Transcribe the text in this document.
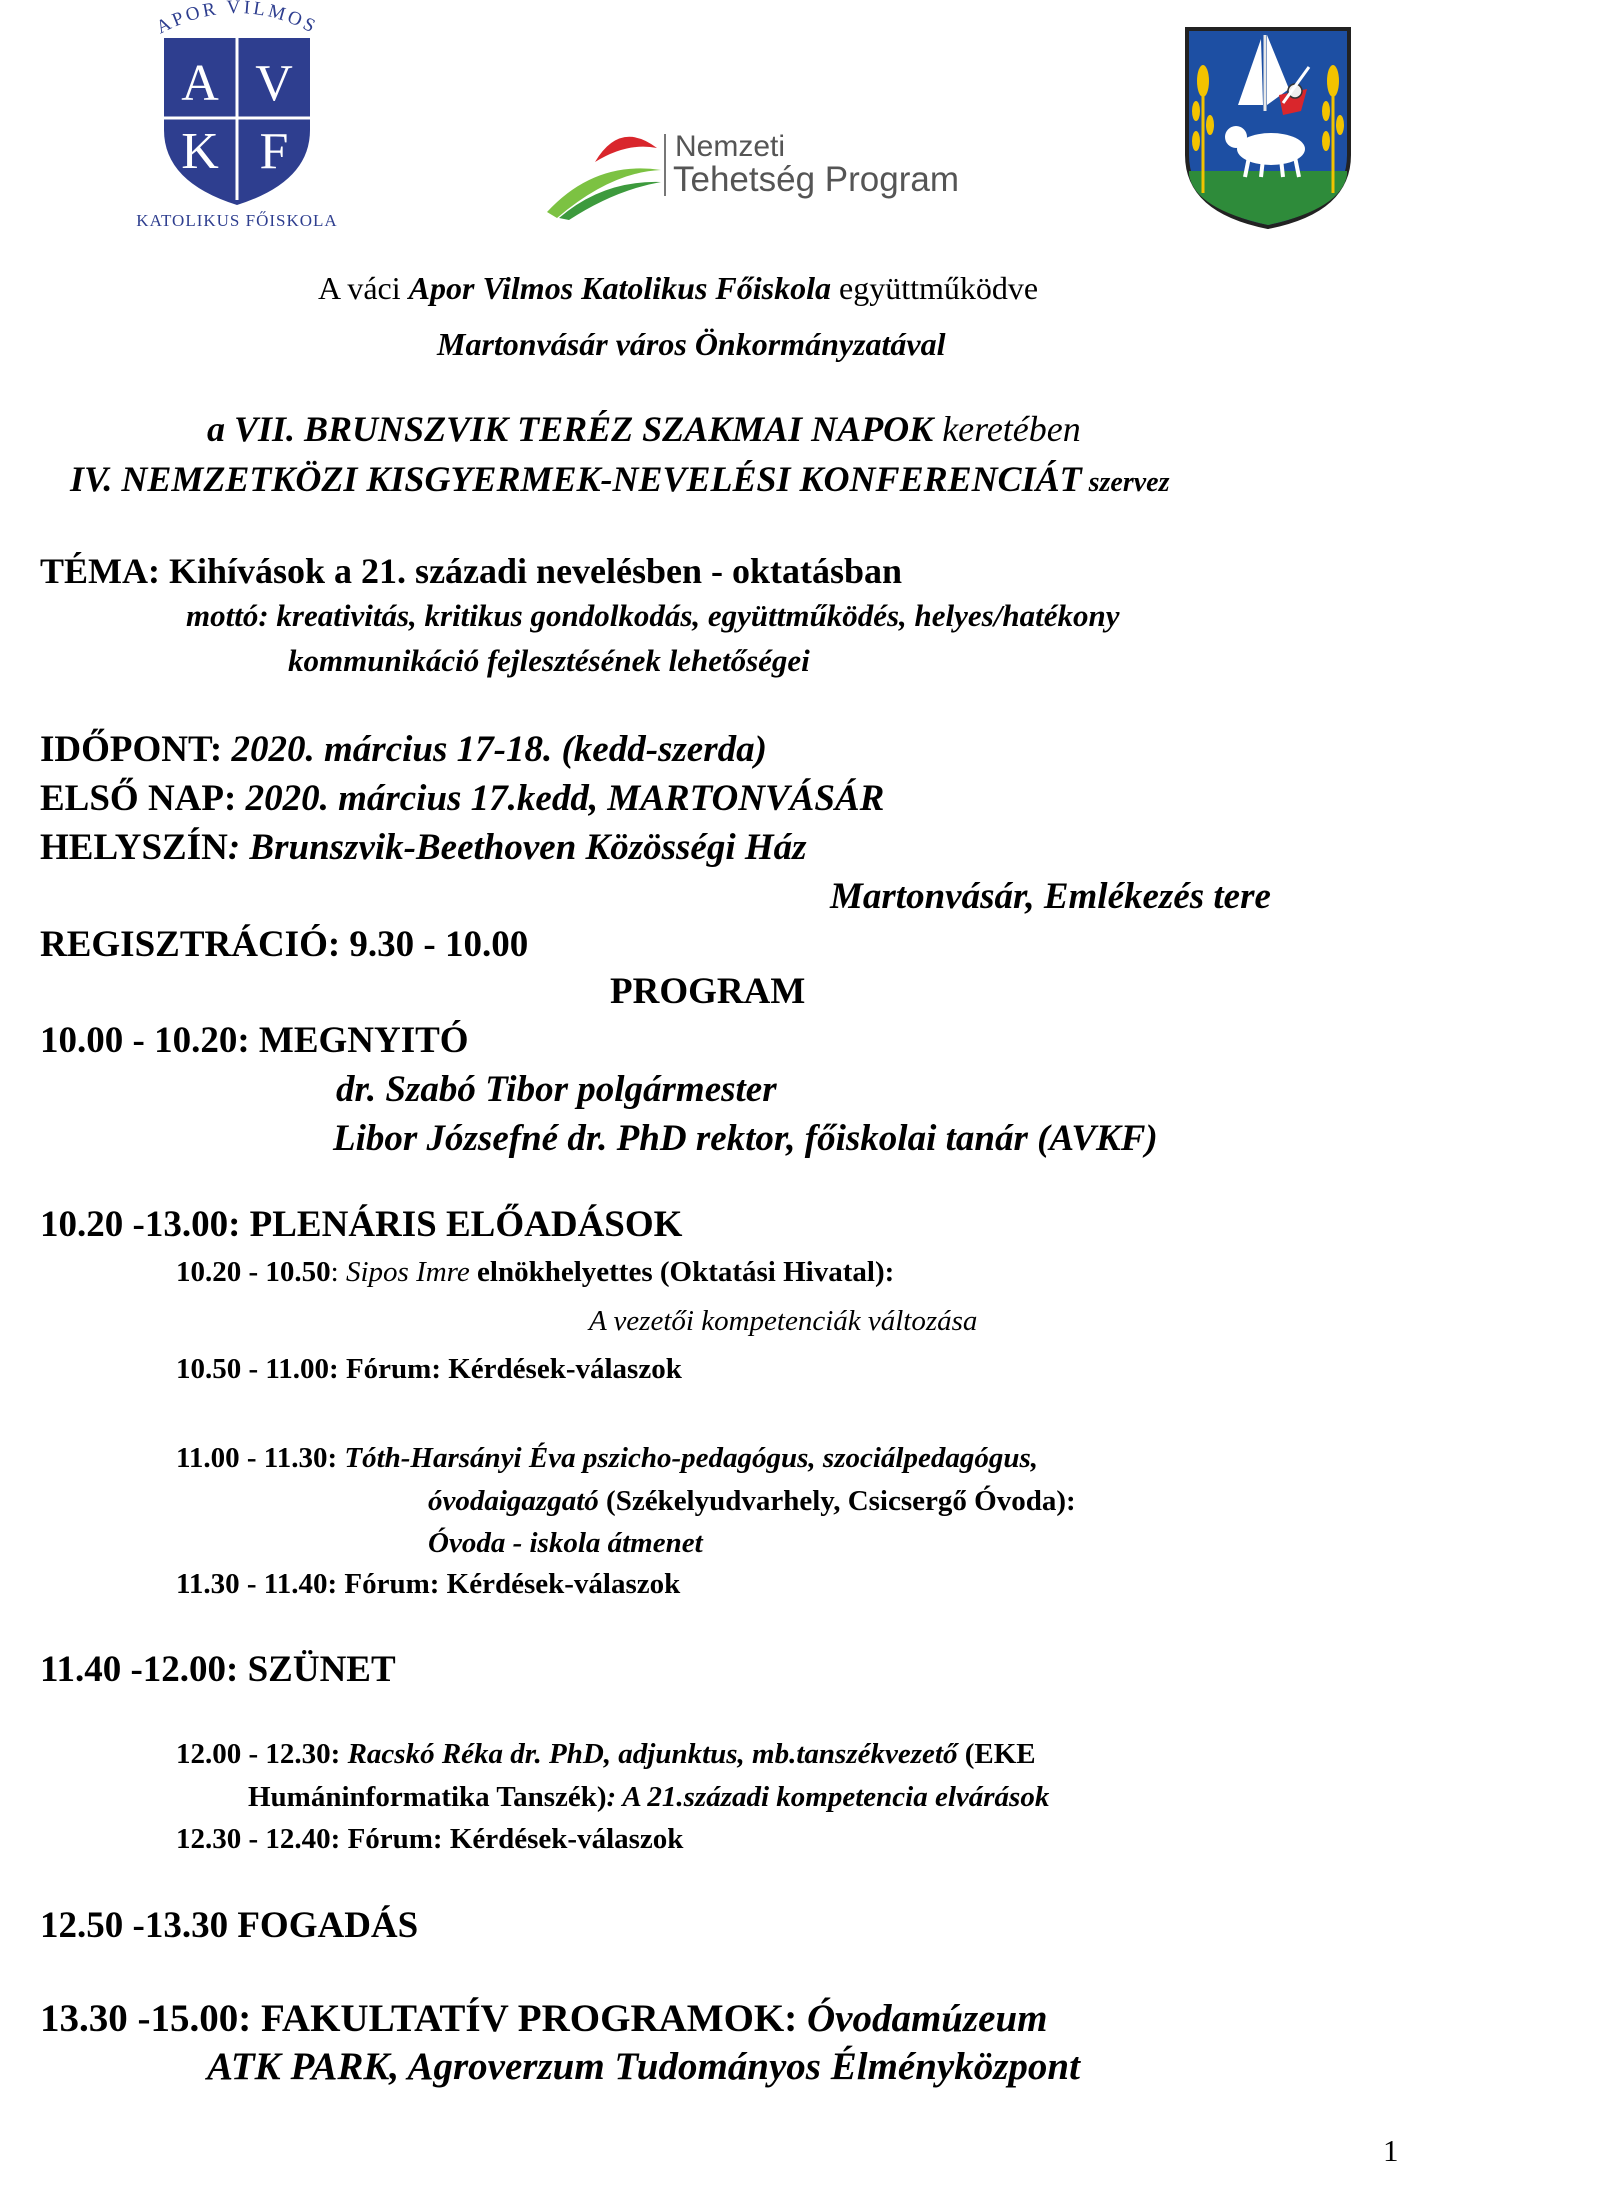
APOR VILMOS
A V
K F
KATOLIKUS FŐISKOLA
Nemzeti
Tehetség Program
A váci Apor Vilmos Katolikus Főiskola együttműködve
Martonvásár város Önkormányzatával
a VII. BRUNSZVIK TERÉZ SZAKMAI NAPOK keretében
IV. NEMZETKÖZI KISGYERMEK-NEVELÉSI KONFERENCIÁT szervez
TÉMA: Kihívások a 21. századi nevelésben - oktatásban
mottó: kreativitás, kritikus gondolkodás, együttműködés, helyes/hatékony
kommunikáció fejlesztésének lehetőségei
IDŐPONT: 2020. március 17-18. (kedd-szerda)
ELSŐ NAP: 2020. március 17.kedd, MARTONVÁSÁR
HELYSZÍN: Brunszvik-Beethoven Közösségi Ház
Martonvásár, Emlékezés tere
REGISZTRÁCIÓ: 9.30 - 10.00
PROGRAM
10.00 - 10.20: MEGNYITÓ
dr. Szabó Tibor polgármester
Libor Józsefné dr. PhD rektor, főiskolai tanár (AVKF)
10.20 -13.00: PLENÁRIS ELŐADÁSOK
10.20 - 10.50: Sipos Imre elnökhelyettes (Oktatási Hivatal):
A vezetői kompetenciák változása
10.50 - 11.00: Fórum: Kérdések-válaszok
11.00 - 11.30: Tóth-Harsányi Éva pszicho-pedagógus, szociálpedagógus,
óvodaigazgató (Székelyudvarhely, Csicsergő Óvoda):
Óvoda - iskola átmenet
11.30 - 11.40: Fórum: Kérdések-válaszok
11.40 -12.00: SZÜNET
12.00 - 12.30: Racskó Réka dr. PhD, adjunktus, mb.tanszékvezető (EKE
Humáninformatika Tanszék): A 21.századi kompetencia elvárások
12.30 - 12.40: Fórum: Kérdések-válaszok
12.50 -13.30 FOGADÁS
13.30 -15.00: FAKULTATÍV PROGRAMOK: Óvodamúzeum
ATK PARK, Agroverzum Tudományos Élményközpont
1
